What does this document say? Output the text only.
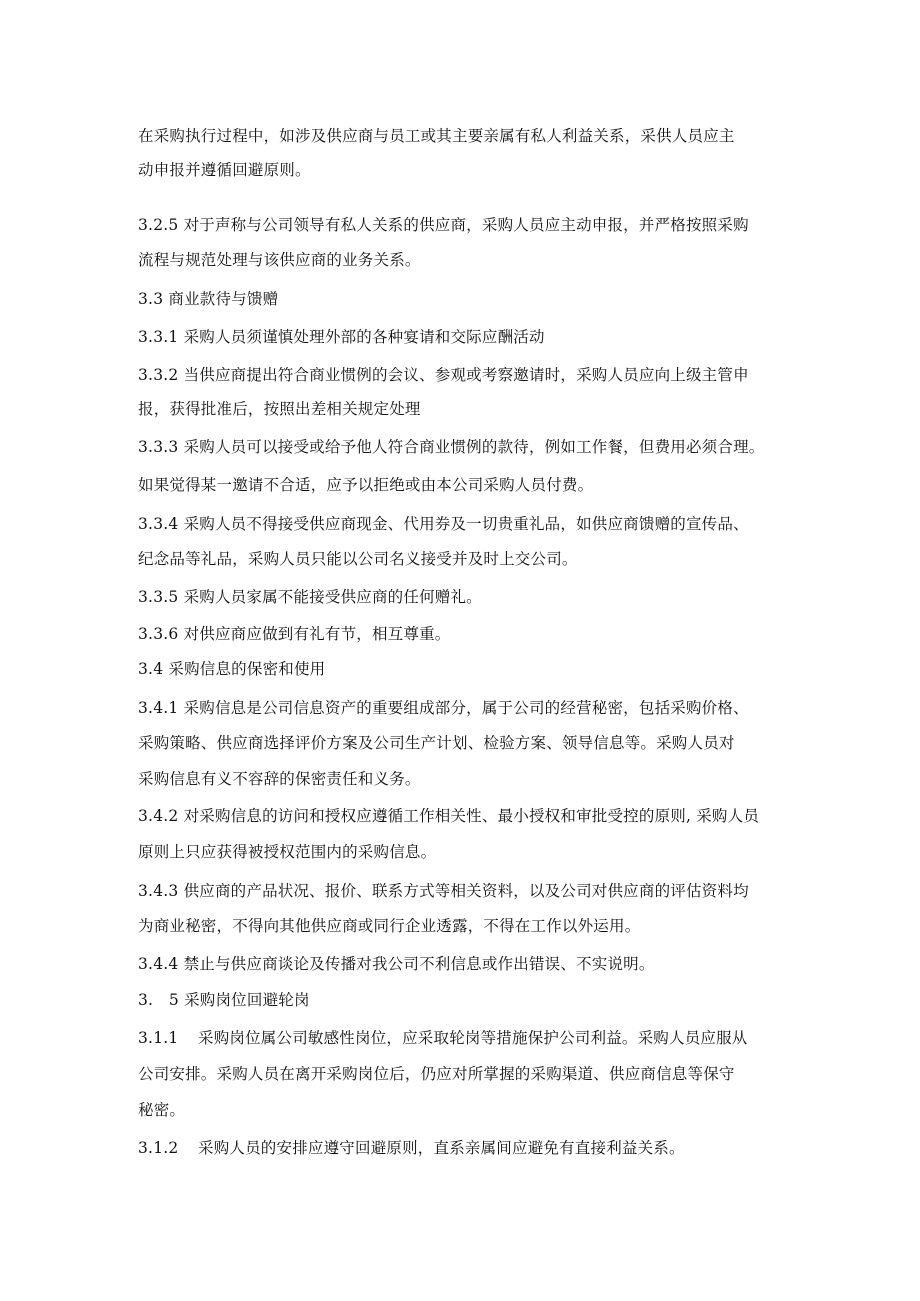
在采购执行过程中，如涉及供应商与员工或其主要亲属有私人利益关系，采供人员应主
动申报并遵循回避原则。
3.2.5 对于声称与公司领导有私人关系的供应商，采购人员应主动申报，并严格按照采购
流程与规范处理与该供应商的业务关系。
3.3 商业款待与馈赠
3.3.1 采购人员须谨慎处理外部的各种宴请和交际应酬活动
3.3.2 当供应商提出符合商业惯例的会议、参观或考察邀请时，采购人员应向上级主管申
报，获得批准后，按照出差相关规定处理
3.3.3 采购人员可以接受或给予他人符合商业惯例的款待，例如工作餐，但费用必须合理。
如果觉得某一邀请不合适，应予以拒绝或由本公司采购人员付费。
3.3.4 采购人员不得接受供应商现金、代用券及一切贵重礼品，如供应商馈赠的宣传品、
纪念品等礼品，采购人员只能以公司名义接受并及时上交公司。
3.3.5 采购人员家属不能接受供应商的任何赠礼。
3.3.6 对供应商应做到有礼有节，相互尊重。
3.4 采购信息的保密和使用
3.4.1 采购信息是公司信息资产的重要组成部分，属于公司的经营秘密，包括采购价格、
采购策略、供应商选择评价方案及公司生产计划、检验方案、领导信息等。采购人员对
采购信息有义不容辞的保密责任和义务。
3.4.2 对采购信息的访问和授权应遵循工作相关性、最小授权和审批受控的原则, 采购人员
原则上只应获得被授权范围内的采购信息。
3.4.3 供应商的产品状况、报价、联系方式等相关资料，以及公司对供应商的评估资料均
为商业秘密，不得向其他供应商或同行企业透露，不得在工作以外运用。
3.4.4 禁止与供应商谈论及传播对我公司不利信息或作出错误、不实说明。
3.　5 采购岗位回避轮岗
3.1.1 采购岗位属公司敏感性岗位，应采取轮岗等措施保护公司利益。采购人员应服从
公司安排。采购人员在离开采购岗位后，仍应对所掌握的采购渠道、供应商信息等保守
秘密。
3.1.2 采购人员的安排应遵守回避原则，直系亲属间应避免有直接利益关系。
